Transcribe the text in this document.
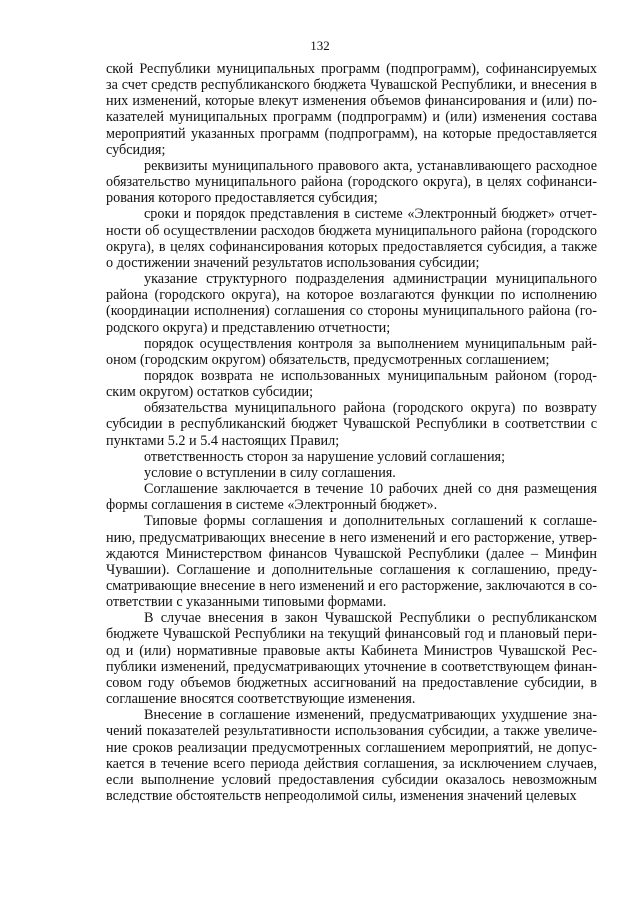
132

ской Республики муниципальных программ (подпрограмм), софинансируемых за счет средств республиканского бюджета Чувашской Республики, и внесения в них изменений, которые влекут изменения объемов финансирования и (или) показателей муниципальных программ (подпрограмм) и (или) изменения состава мероприятий указанных программ (подпрограмм), на которые предоставляется субсидия;

реквизиты муниципального правового акта, устанавливающего расходное обязательство муниципального района (городского округа), в целях софинансирования которого предоставляется субсидия;

сроки и порядок представления в системе «Электронный бюджет» отчетности об осуществлении расходов бюджета муниципального района (городского округа), в целях софинансирования которых предоставляется субсидия, а также о достижении значений результатов использования субсидии;

указание структурного подразделения администрации муниципального района (городского округа), на которое возлагаются функции по исполнению (координации исполнения) соглашения со стороны муниципального района (городского округа) и представлению отчетности;

порядок осуществления контроля за выполнением муниципальным районом (городским округом) обязательств, предусмотренных соглашением;

порядок возврата не использованных муниципальным районом (городским округом) остатков субсидии;

обязательства муниципального района (городского округа) по возврату субсидии в республиканский бюджет Чувашской Республики в соответствии с пунктами 5.2 и 5.4 настоящих Правил;

ответственность сторон за нарушение условий соглашения;

условие о вступлении в силу соглашения.

Соглашение заключается в течение 10 рабочих дней со дня размещения формы соглашения в системе «Электронный бюджет».

Типовые формы соглашения и дополнительных соглашений к соглашению, предусматривающих внесение в него изменений и его расторжение, утверждаются Министерством финансов Чувашской Республики (далее – Минфин Чувашии). Соглашение и дополнительные соглашения к соглашению, предусматривающие внесение в него изменений и его расторжение, заключаются в соответствии с указанными типовыми формами.

В случае внесения в закон Чувашской Республики о республиканском бюджете Чувашской Республики на текущий финансовый год и плановый период и (или) нормативные правовые акты Кабинета Министров Чувашской Республики изменений, предусматривающих уточнение в соответствующем финансовом году объемов бюджетных ассигнований на предоставление субсидии, в соглашение вносятся соответствующие изменения.

Внесение в соглашение изменений, предусматривающих ухудшение значений показателей результативности использования субсидии, а также увеличение сроков реализации предусмотренных соглашением мероприятий, не допускается в течение всего периода действия соглашения, за исключением случаев, если выполнение условий предоставления субсидии оказалось невозможным вследствие обстоятельств непреодолимой силы, изменения значений целевых
